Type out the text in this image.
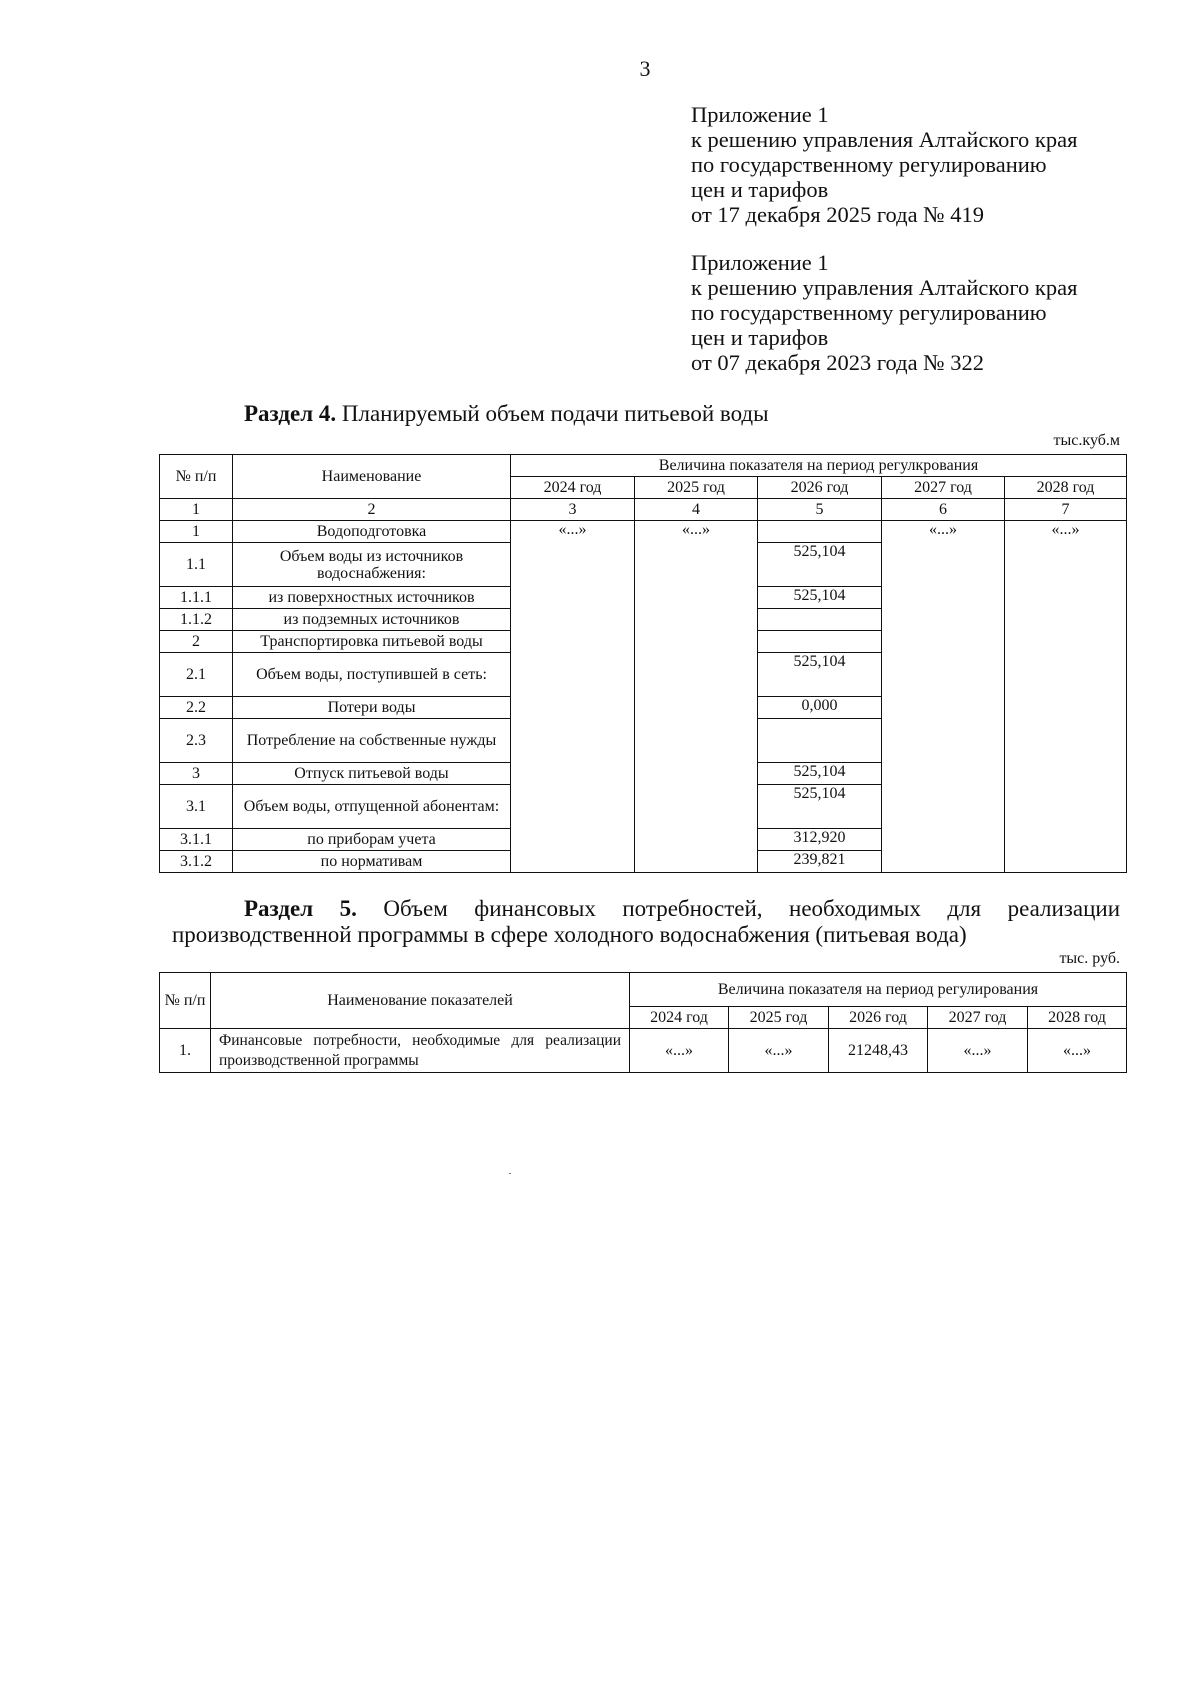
3
Приложение 1
к решению управления Алтайского края
по государственному регулированию
цен и тарифов
от 17 декабря 2025 года № 419
Приложение 1
к решению управления Алтайского края
по государственному регулированию
цен и тарифов
от 07 декабря 2023 года № 322
Раздел 4. Планируемый объем подачи питьевой воды
тыс.куб.м
№ п/п	Наименование	Величина показателя на период регулкрования				
		2024 год	2025 год	2026 год	2027 год	2028 год
1	2	3	4	5	6	7
1	Водоподготовка	«...»	«...»		«...»	«...»
1.1	Объем воды из источников водоснабжения:			525,104		
1.1.1	из поверхностных источников			525,104		
1.1.2	из подземных источников					
2	Транспортировка питьевой воды					
2.1	Объем воды, поступившей в сеть:			525,104		
2.2	Потери воды			0,000		
2.3	Потребление на собственные нужды					
3	Отпуск питьевой воды			525,104		
3.1	Объем воды, отпущенной абонентам:			525,104		
3.1.1	по приборам учета			312,920		
3.1.2	по нормативам			239,821		
Раздел 5. Объем финансовых потребностей, необходимых для реализации
производственной программы в сфере холодного водоснабжения (питьевая вода)
тыс. руб.
№ п/п	Наименование показателей	Величина показателя на период регулирования				
		2024 год	2025 год	2026 год	2027 год	2028 год
1.	Финансовые потребности, необходимые для реализации производственной программы	«...»	«...»	21248,43	«...»	«...»
